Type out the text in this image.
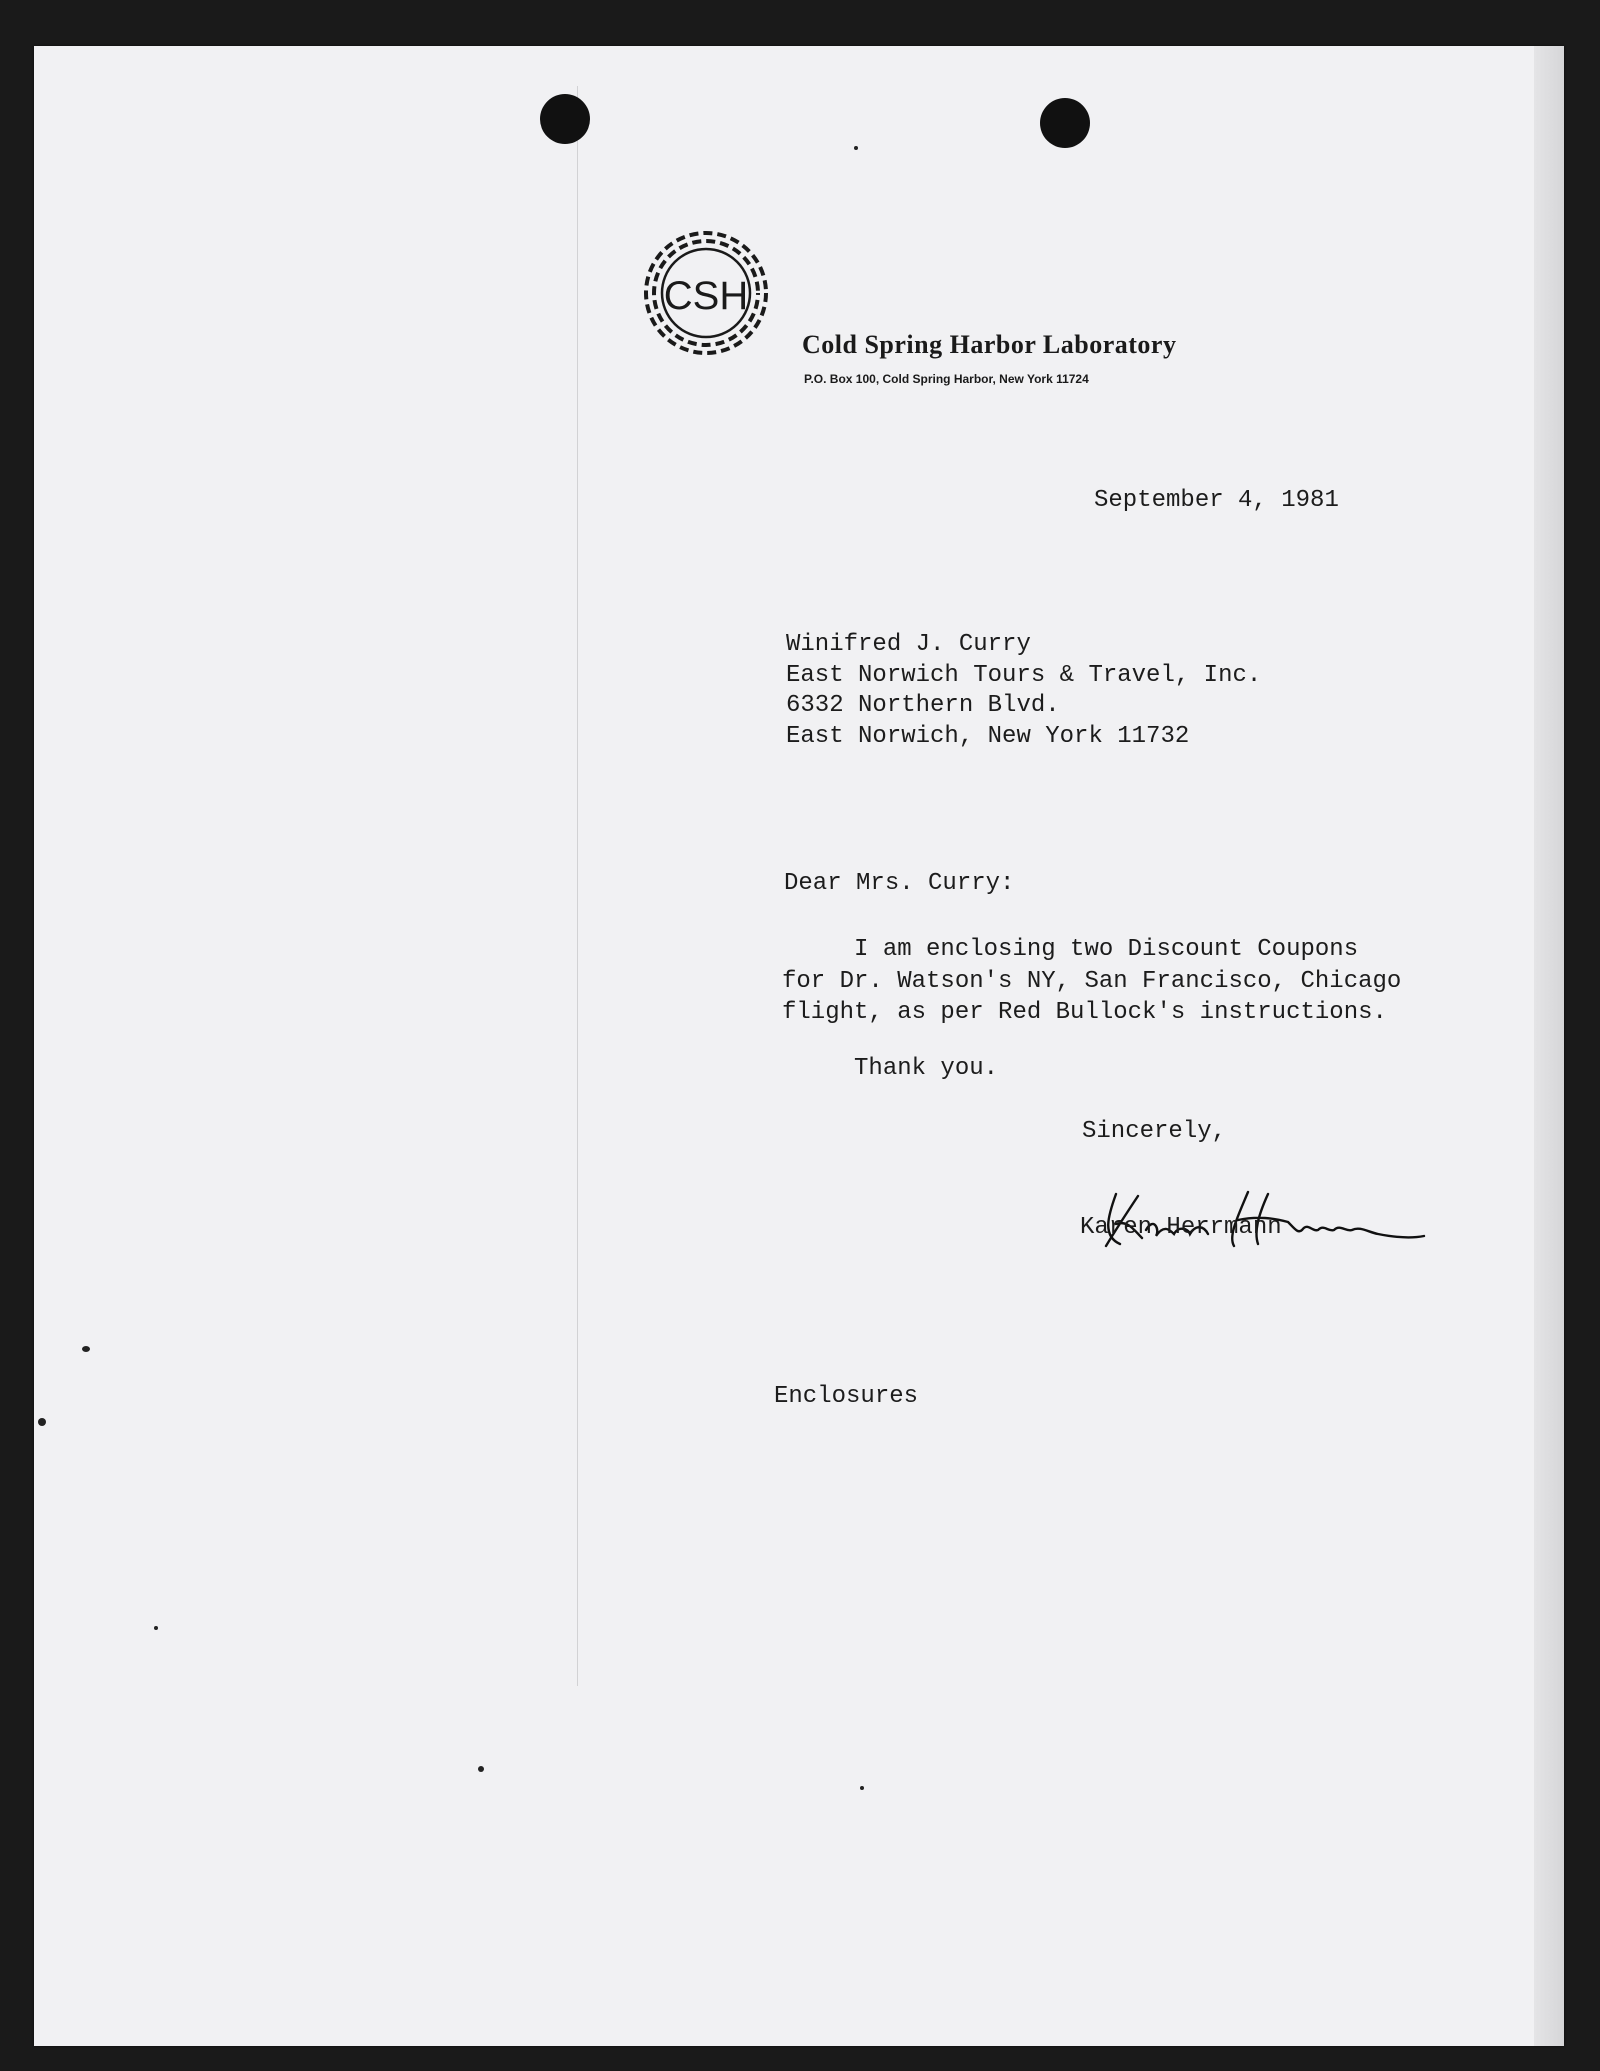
CSH
Cold Spring Harbor Laboratory
P.O. Box 100, Cold Spring Harbor, New York 11724
September 4, 1981
Winifred J. Curry
East Norwich Tours & Travel, Inc.
6332 Northern Blvd.
East Norwich, New York 11732
Dear Mrs. Curry:
I am enclosing two Discount Coupons
for Dr. Watson's NY, San Francisco, Chicago
flight, as per Red Bullock's instructions.
Thank you.
Sincerely,
Karen Herrmann
Enclosures
